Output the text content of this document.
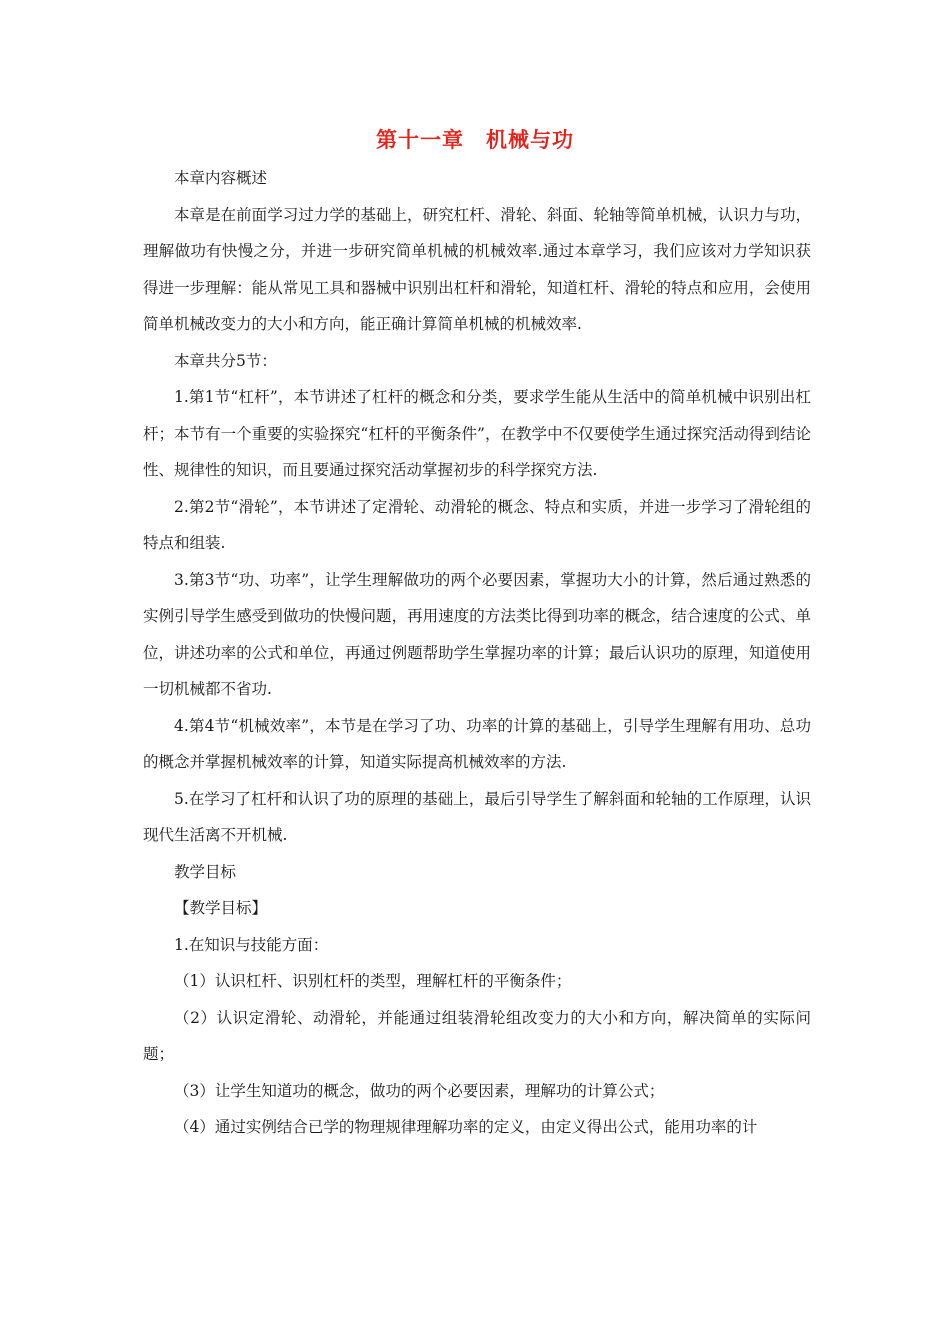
第十一章　机械与功

本章内容概述

本章是在前面学习过力学的基础上，研究杠杆、滑轮、斜面、轮轴等简单机械，认识力与功，理解做功有快慢之分，并进一步研究简单机械的机械效率.通过本章学习，我们应该对力学知识获得进一步理解：能从常见工具和器械中识别出杠杆和滑轮，知道杠杆、滑轮的特点和应用，会使用简单机械改变力的大小和方向，能正确计算简单机械的机械效率.

本章共分5节：

1.第1节“杠杆”，本节讲述了杠杆的概念和分类，要求学生能从生活中的简单机械中识别出杠杆；本节有一个重要的实验探究“杠杆的平衡条件”，在教学中不仅要使学生通过探究活动得到结论性、规律性的知识，而且要通过探究活动掌握初步的科学探究方法.

2.第2节“滑轮”，本节讲述了定滑轮、动滑轮的概念、特点和实质，并进一步学习了滑轮组的特点和组装.

3.第3节“功、功率”，让学生理解做功的两个必要因素，掌握功大小的计算，然后通过熟悉的实例引导学生感受到做功的快慢问题，再用速度的方法类比得到功率的概念，结合速度的公式、单位，讲述功率的公式和单位，再通过例题帮助学生掌握功率的计算；最后认识功的原理，知道使用一切机械都不省功.

4.第4节“机械效率”，本节是在学习了功、功率的计算的基础上，引导学生理解有用功、总功的概念并掌握机械效率的计算，知道实际提高机械效率的方法.

5.在学习了杠杆和认识了功的原理的基础上，最后引导学生了解斜面和轮轴的工作原理，认识现代生活离不开机械.

教学目标

【教学目标】

1.在知识与技能方面：

（1）认识杠杆、识别杠杆的类型，理解杠杆的平衡条件；

（2）认识定滑轮、动滑轮，并能通过组装滑轮组改变力的大小和方向，解决简单的实际问题；

（3）让学生知道功的概念，做功的两个必要因素，理解功的计算公式；

（4）通过实例结合已学的物理规律理解功率的定义，由定义得出公式，能用功率的计
